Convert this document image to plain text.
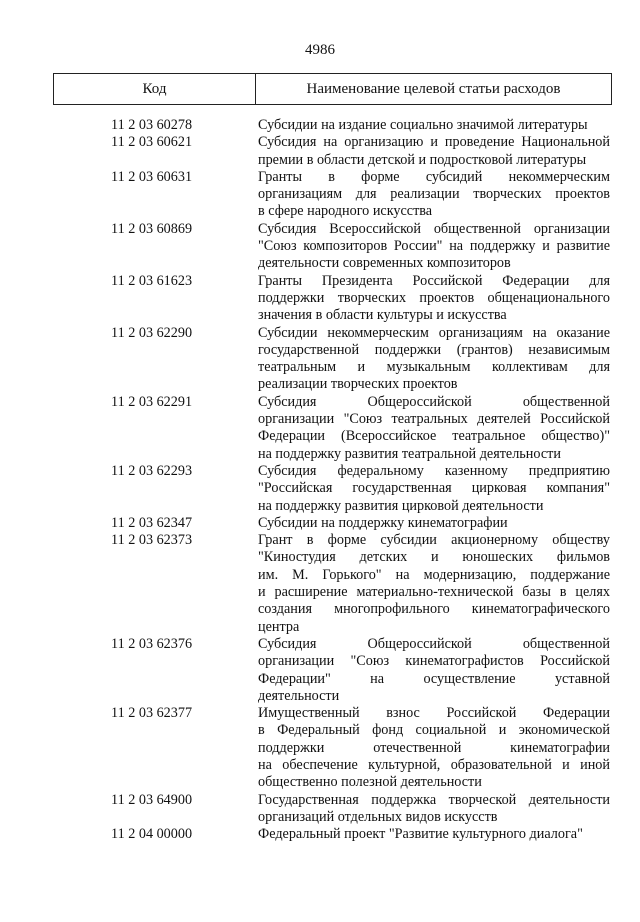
4986
Код	Наименование целевой статьи расходов
11 2 03 60278	Субсидии на издание социально значимой литературы
11 2 03 60621	Субсидия на организацию и проведение Национальной
премии в области детской и подростковой литературы
11 2 03 60631	Гранты в форме субсидий некоммерческим
организациям для реализации творческих проектов
в сфере народного искусства
11 2 03 60869	Субсидия Всероссийской общественной организации
"Союз композиторов России" на поддержку и развитие
деятельности современных композиторов
11 2 03 61623	Гранты Президента Российской Федерации для
поддержки творческих проектов общенационального
значения в области культуры и искусства
11 2 03 62290	Субсидии некоммерческим организациям на оказание
государственной поддержки (грантов) независимым
театральным и музыкальным коллективам для
реализации творческих проектов
11 2 03 62291	Субсидия Общероссийской общественной
организации "Союз театральных деятелей Российской
Федерации (Всероссийское театральное общество)"
на поддержку развития театральной деятельности
11 2 03 62293	Субсидия федеральному казенному предприятию
"Российская государственная цирковая компания"
на поддержку развития цирковой деятельности
11 2 03 62347	Субсидии на поддержку кинематографии
11 2 03 62373	Грант в форме субсидии акционерному обществу
"Киностудия детских и юношеских фильмов
им. М. Горького" на модернизацию, поддержание
и расширение материально-технической базы в целях
создания многопрофильного кинематографического
центра
11 2 03 62376	Субсидия Общероссийской общественной
организации "Союз кинематографистов Российской
Федерации" на осуществление уставной
деятельности
11 2 03 62377	Имущественный взнос Российской Федерации
в Федеральный фонд социальной и экономической
поддержки отечественной кинематографии
на обеспечение культурной, образовательной и иной
общественно полезной деятельности
11 2 03 64900	Государственная поддержка творческой деятельности
организаций отдельных видов искусств
11 2 04 00000	Федеральный проект "Развитие культурного диалога"
